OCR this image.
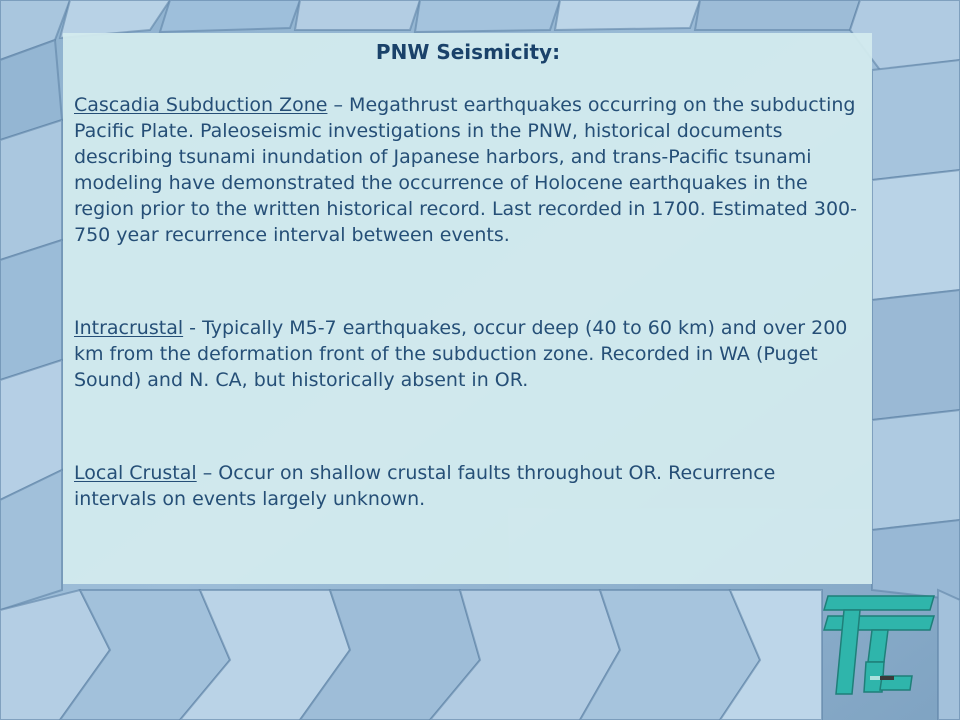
PNW Seismicity:

Cascadia Subduction Zone – Megathrust earthquakes occurring on the subducting Pacific Plate. Paleoseismic investigations in the PNW, historical documents describing tsunami inundation of Japanese harbors, and trans-Pacific tsunami modeling have demonstrated the occurrence of Holocene earthquakes in the region prior to the written historical record. Last recorded in 1700. Estimated 300-750 year recurrence interval between events.

Intracrustal - Typically M5-7 earthquakes, occur deep (40 to 60 km) and over 200 km from the deformation front of the subduction zone. Recorded in WA (Puget Sound) and N. CA, but historically absent in OR.

Local Crustal – Occur on shallow crustal faults throughout OR. Recurrence intervals on events largely unknown.
